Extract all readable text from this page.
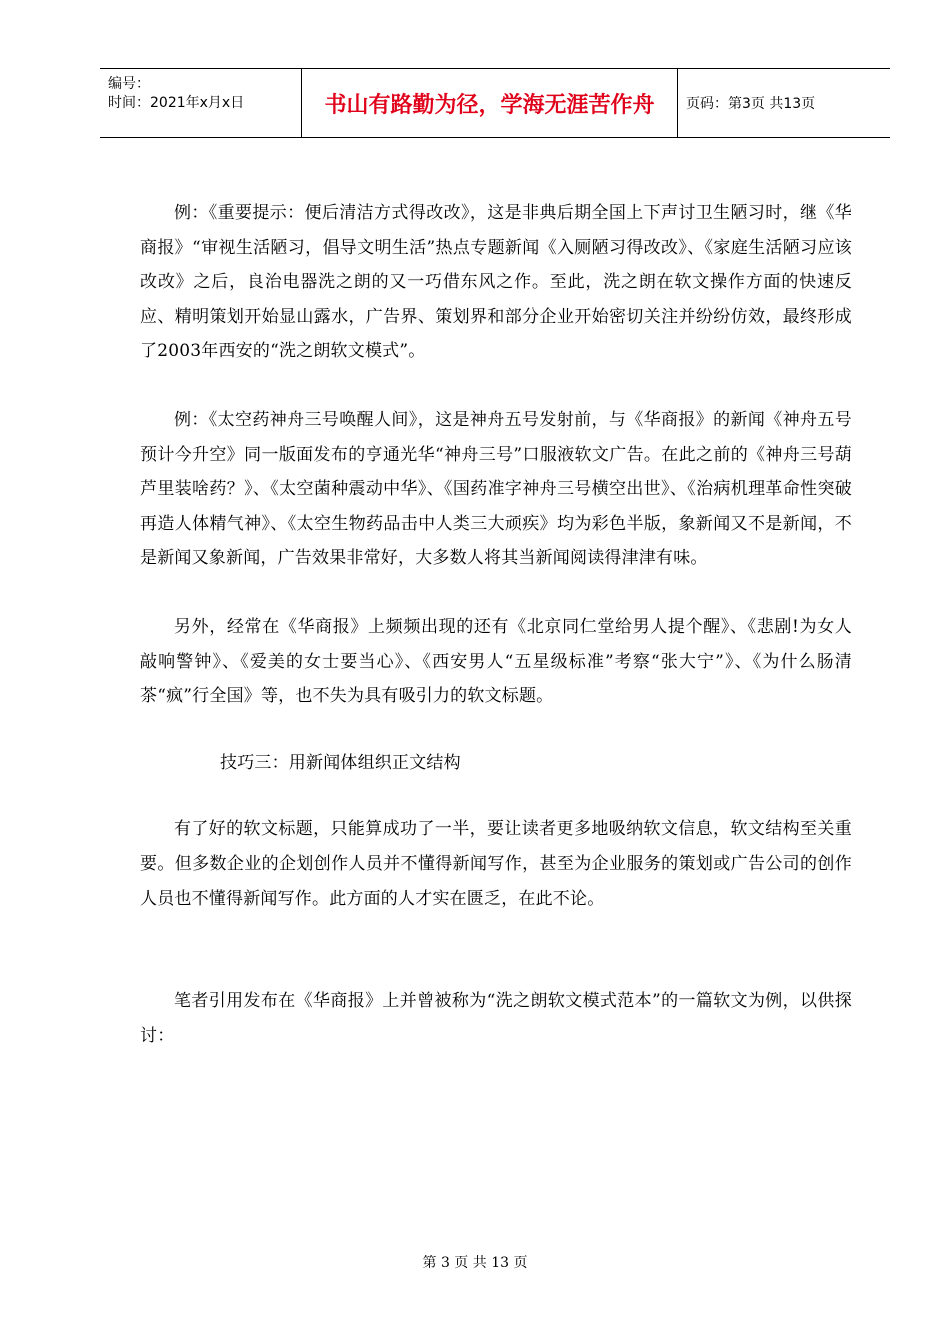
编号：
时间：2021年x月x日	书山有路勤为径，学海无涯苦作舟	页码：第3页 共13页

例：《重要提示：便后清洁方式得改改》，这是非典后期全国上下声讨卫生陋习时，继《华商报》“审视生活陋习，倡导文明生活”热点专题新闻《入厕陋习得改改》、《家庭生活陋习应该改改》之后，良治电器洗之朗的又一巧借东风之作。至此，洗之朗在软文操作方面的快速反应、精明策划开始显山露水，广告界、策划界和部分企业开始密切关注并纷纷仿效，最终形成了2003年西安的“洗之朗软文模式”。

例：《太空药神舟三号唤醒人间》，这是神舟五号发射前，与《华商报》的新闻《神舟五号预计今升空》同一版面发布的亨通光华“神舟三号”口服液软文广告。在此之前的《神舟三号葫芦里装啥药？》、《太空菌种震动中华》、《国药准字神舟三号横空出世》、《治病机理革命性突破再造人体精气神》、《太空生物药品击中人类三大顽疾》均为彩色半版，象新闻又不是新闻，不是新闻又象新闻，广告效果非常好，大多数人将其当新闻阅读得津津有味。

另外，经常在《华商报》上频频出现的还有《北京同仁堂给男人提个醒》、《悲剧!为女人敲响警钟》、《爱美的女士要当心》、《西安男人“五星级标准”考察“张大宁”》、《为什么肠清茶“疯”行全国》等，也不失为具有吸引力的软文标题。

技巧三：用新闻体组织正文结构

有了好的软文标题，只能算成功了一半，要让读者更多地吸纳软文信息，软文结构至关重要。但多数企业的企划创作人员并不懂得新闻写作，甚至为企业服务的策划或广告公司的创作人员也不懂得新闻写作。此方面的人才实在匮乏，在此不论。

笔者引用发布在《华商报》上并曾被称为“洗之朗软文模式范本”的一篇软文为例，以供探讨：

第 3 页 共 13 页
